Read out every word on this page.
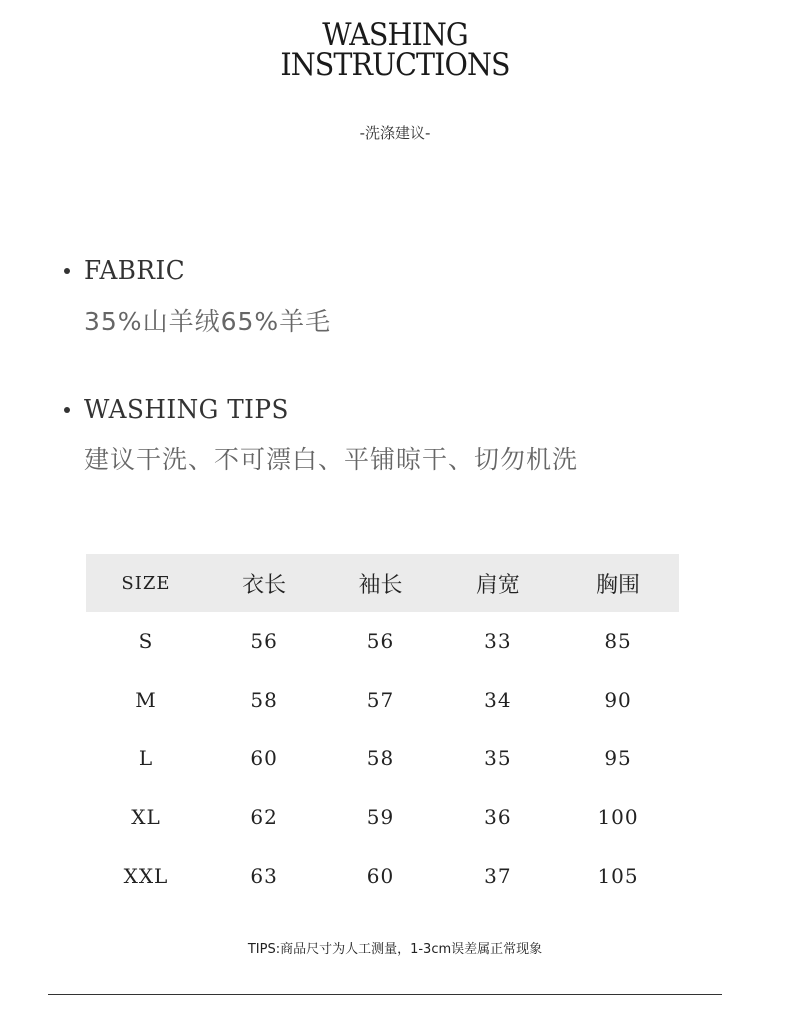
WASHING
INSTRUCTIONS
-洗涤建议-
FABRIC
35%山羊绒65%羊毛
WASHING TIPS
建议干洗、不可漂白、平铺晾干、切勿机洗
SIZE	衣长	袖长	肩宽	胸围
S	56	56	33	85
M	58	57	34	90
L	60	58	35	95
XL	62	59	36	100
XXL	63	60	37	105
TIPS:商品尺寸为人工测量，1-3cm误差属正常现象
